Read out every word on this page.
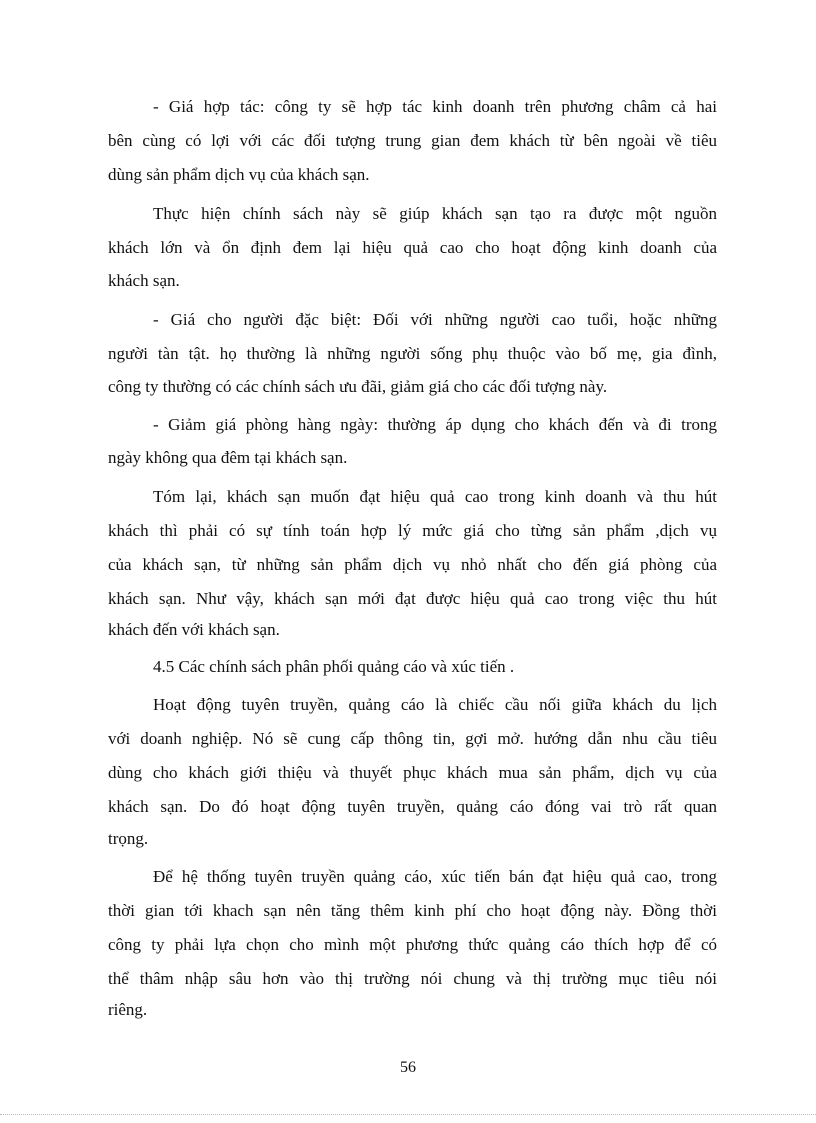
- Giá hợp tác: công ty sẽ hợp tác kinh doanh trên phương châm cả hai
bên cùng có lợi với các đối tượng trung gian đem khách từ bên ngoài về tiêu
dùng sản phẩm dịch vụ của khách sạn.
Thực hiện chính sách này sẽ giúp khách sạn tạo ra được một nguồn
khách lớn và ổn định đem lại hiệu quả cao cho hoạt động kinh doanh của
khách sạn.
- Giá cho người đặc biệt: Đối với những người cao tuổi, hoặc những
người tàn tật. họ thường là những người sống phụ thuộc vào bố mẹ, gia đình,
công ty thường có các chính sách ưu đãi, giảm giá cho các đối tượng này.
- Giảm giá phòng hàng ngày: thường áp dụng cho khách đến và đi trong
ngày không qua đêm tại khách sạn.
Tóm lại, khách sạn muốn đạt hiệu quả cao trong kinh doanh và thu hút
khách thì phải có sự tính toán hợp lý mức giá cho từng sản phẩm ,dịch vụ
của khách sạn, từ những sản phẩm dịch vụ nhỏ nhất cho đến giá phòng của
khách sạn. Như vậy, khách sạn mới đạt được hiệu quả cao trong việc thu hút
khách đến với khách sạn.
4.5 Các chính sách phân phối quảng cáo và xúc tiến .
Hoạt động tuyên truyền, quảng cáo là chiếc cầu nối giữa khách du lịch
với doanh nghiệp. Nó sẽ cung cấp thông tin, gợi mở. hướng dẫn nhu cầu tiêu
dùng cho khách giới thiệu và thuyết phục khách mua sản phẩm, dịch vụ của
khách sạn. Do đó hoạt động tuyên truyền, quảng cáo đóng vai trò rất quan
trọng.
Để hệ thống tuyên truyền quảng cáo, xúc tiến bán đạt hiệu quả cao, trong
thời gian tới khach sạn nên tăng thêm kinh phí cho hoạt động này. Đồng thời
công ty phải lựa chọn cho mình một phương thức quảng cáo thích hợp để có
thể thâm nhập sâu hơn vào thị trường nói chung và thị trường mục tiêu nói
riêng.
56
